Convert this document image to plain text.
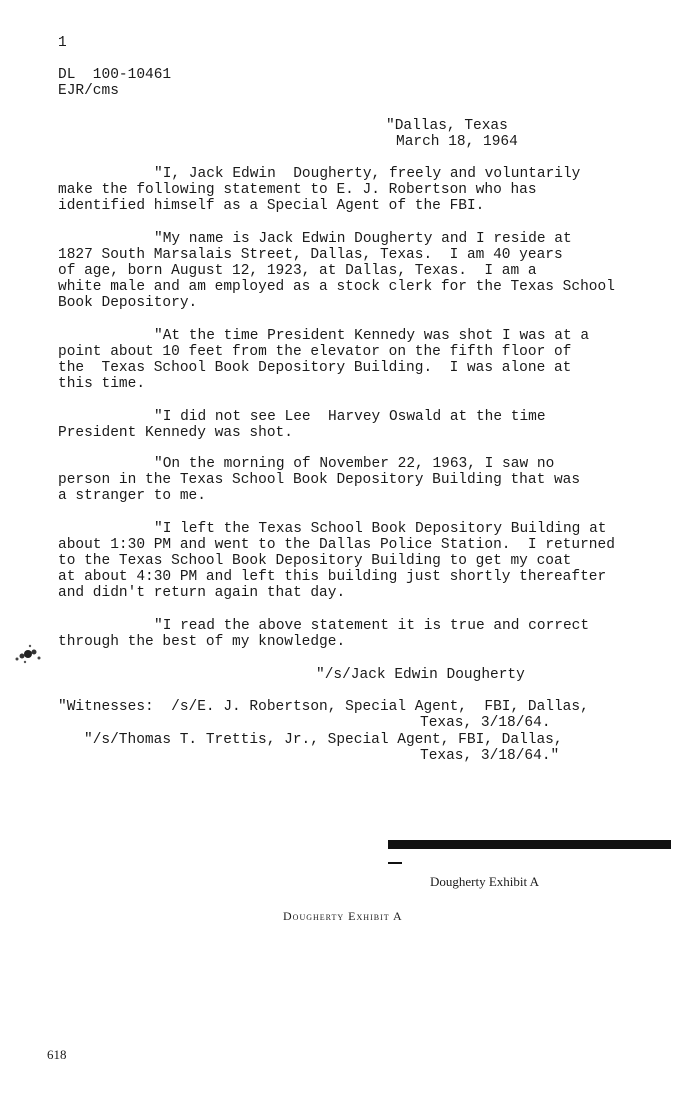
1
DL  100-10461
EJR/cms
"Dallas, Texas
March 18, 1964
"I, Jack Edwin  Dougherty, freely and voluntarily
make the following statement to E. J. Robertson who has
identified himself as a Special Agent of the FBI.
"My name is Jack Edwin Dougherty and I reside at
1827 South Marsalais Street, Dallas, Texas.  I am 40 years
of age, born August 12, 1923, at Dallas, Texas.  I am a
white male and am employed as a stock clerk for the Texas School
Book Depository.
"At the time President Kennedy was shot I was at a
point about 10 feet from the elevator on the fifth floor of
the  Texas School Book Depository Building.  I was alone at
this time.
"I did not see Lee  Harvey Oswald at the time
President Kennedy was shot.
"On the morning of November 22, 1963, I saw no
person in the Texas School Book Depository Building that was
a stranger to me.
"I left the Texas School Book Depository Building at
about 1:30 PM and went to the Dallas Police Station.  I returned
to the Texas School Book Depository Building to get my coat
at about 4:30 PM and left this building just shortly thereafter
and didn't return again that day.
"I read the above statement it is true and correct
through the best of my knowledge.
"/s/Jack Edwin Dougherty
"Witnesses:  /s/E. J. Robertson, Special Agent,  FBI, Dallas,
Texas, 3/18/64.
"/s/Thomas T. Trettis, Jr., Special Agent, FBI, Dallas,
Texas, 3/18/64."
Dougherty Exhibit A
Dougherty Exhibit A
618
